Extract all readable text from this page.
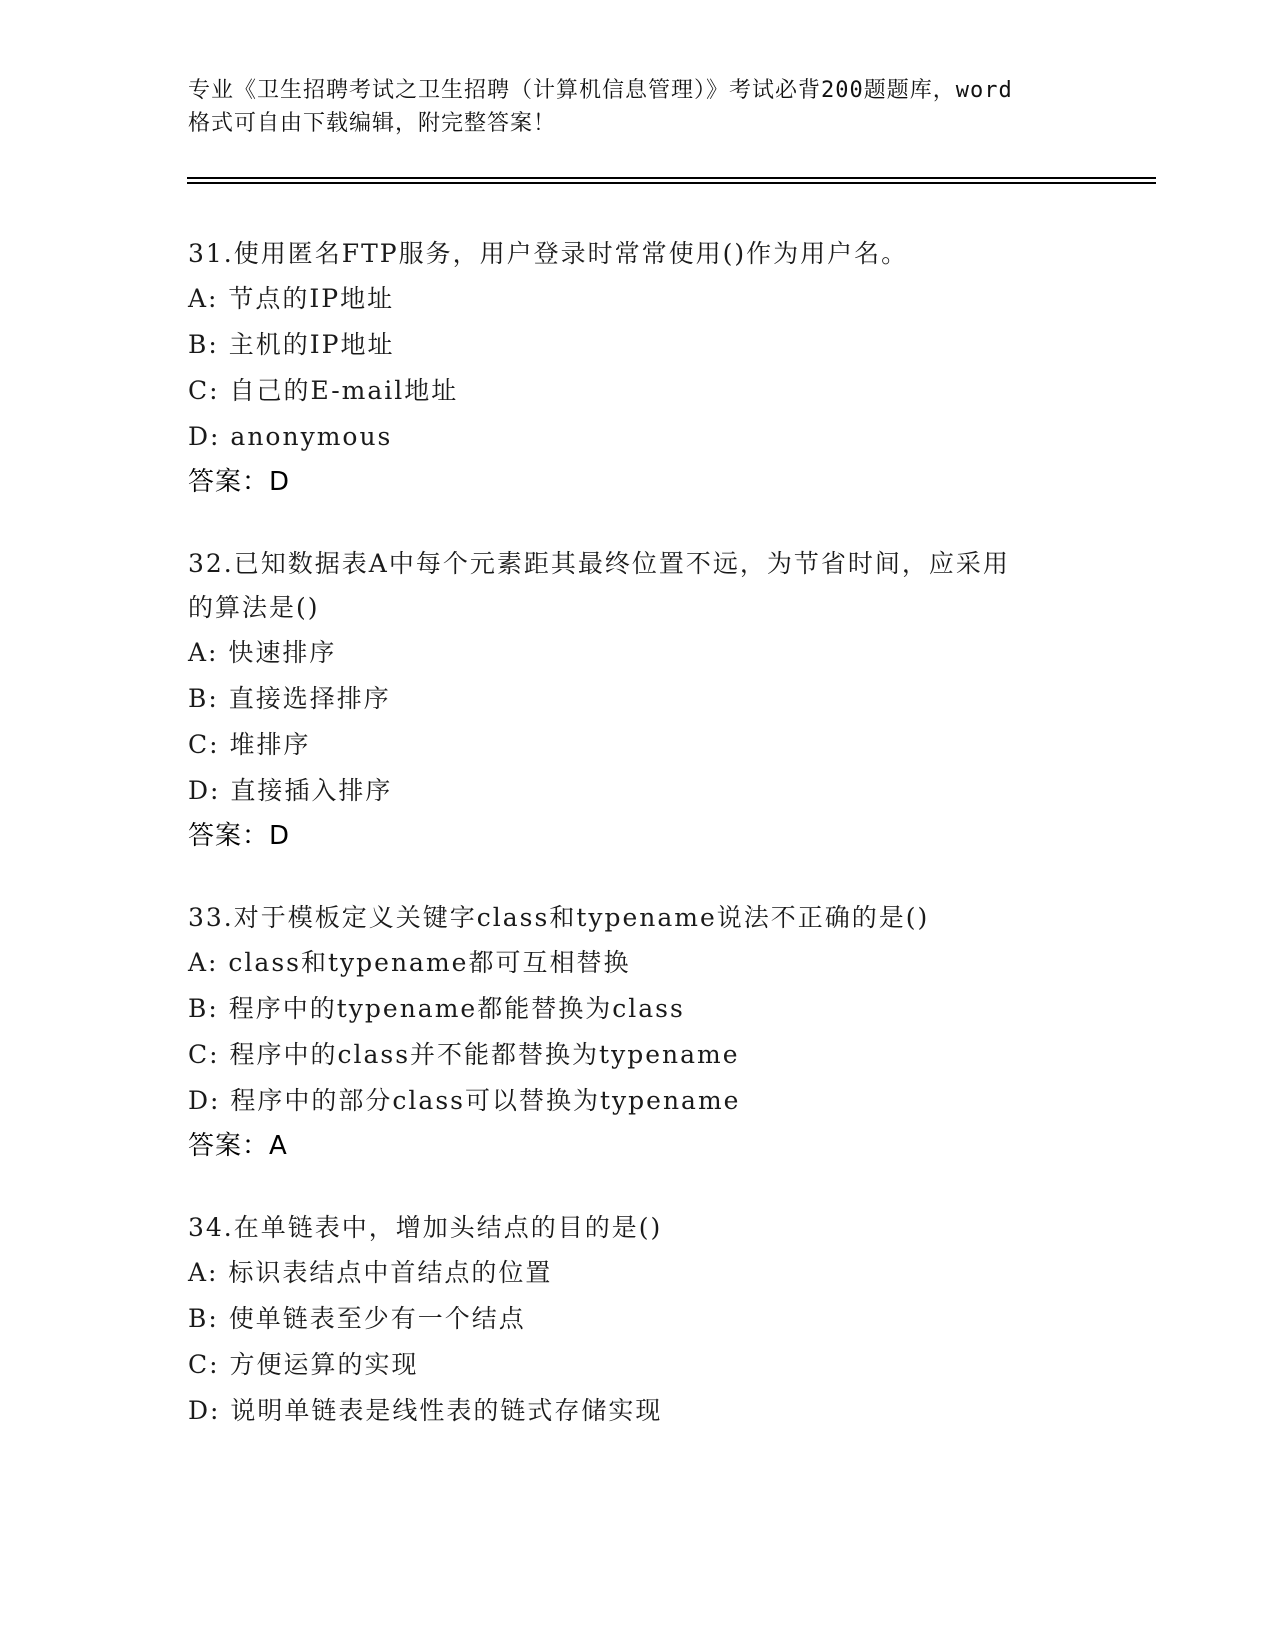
专业《卫生招聘考试之卫生招聘（计算机信息管理）》考试必背200题题库，word
格式可自由下载编辑，附完整答案！
31.使用匿名FTP服务，用户登录时常常使用()作为用户名。
A: 节点的IP地址
B: 主机的IP地址
C: 自己的E-mail地址
D: anonymous
答案：D
32.已知数据表A中每个元素距其最终位置不远，为节省时间，应采用
的算法是()
A: 快速排序
B: 直接选择排序
C: 堆排序
D: 直接插入排序
答案：D
33.对于模板定义关键字class和typename说法不正确的是()
A: class和typename都可互相替换
B: 程序中的typename都能替换为class
C: 程序中的class并不能都替换为typename
D: 程序中的部分class可以替换为typename
答案：A
34.在单链表中，增加头结点的目的是()
A: 标识表结点中首结点的位置
B: 使单链表至少有一个结点
C: 方便运算的实现
D: 说明单链表是线性表的链式存储实现
